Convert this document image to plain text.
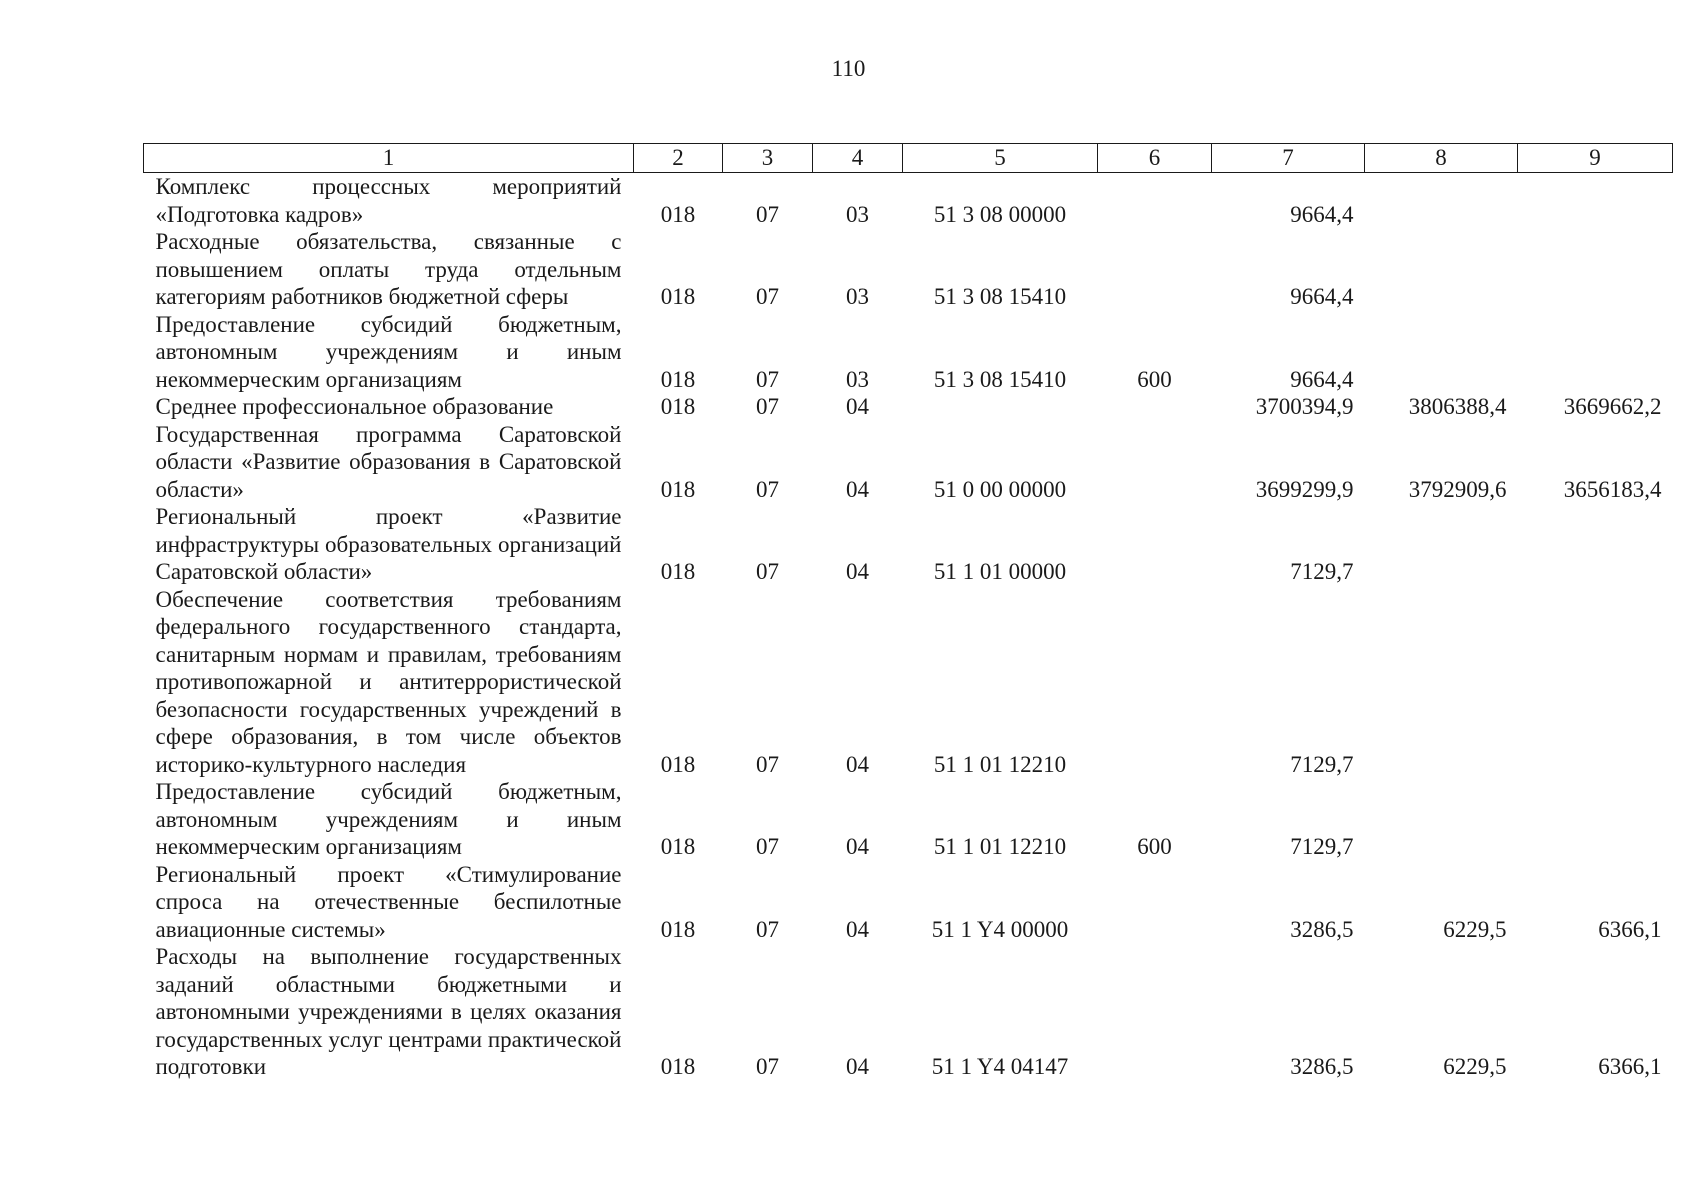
110
1	2	3	4	5	6	7	8	9

Комплекс процессных мероприятий «Подготовка кадров»	018	07	03	51 3 08 00000		9664,4		

Расходные обязательства, связанные с повышением оплаты труда отдельным категориям работников бюджетной сферы	018	07	03	51 3 08 15410		9664,4		

Предоставление субсидий бюджетным, автономным учреждениям и иным некоммерческим организациям	018	07	03	51 3 08 15410	600	9664,4		

Среднее профессиональное образование	018	07	04			3700394,9	3806388,4	3669662,2

Государственная программа Саратовской области «Развитие образования в Саратовской области»	018	07	04	51 0 00 00000		3699299,9	3792909,6	3656183,4

Региональный проект «Развитие инфраструктуры образовательных организаций Саратовской области»	018	07	04	51 1 01 00000		7129,7		

Обеспечение соответствия требованиям федерального государственного стандарта, санитарным нормам и правилам, требованиям противопожарной и антитеррористической безопасности государственных учреждений в сфере образования, в том числе объектов историко-культурного наследия	018	07	04	51 1 01 12210		7129,7		

Предоставление субсидий бюджетным, автономным учреждениям и иным некоммерческим организациям	018	07	04	51 1 01 12210	600	7129,7		

Региональный проект «Стимулирование спроса на отечественные беспилотные авиационные системы»	018	07	04	51 1 Y4 00000		3286,5	6229,5	6366,1

Расходы на выполнение государственных заданий областными бюджетными и автономными учреждениями в целях оказания государственных услуг центрами практической подготовки	018	07	04	51 1 Y4 04147		3286,5	6229,5	6366,1
